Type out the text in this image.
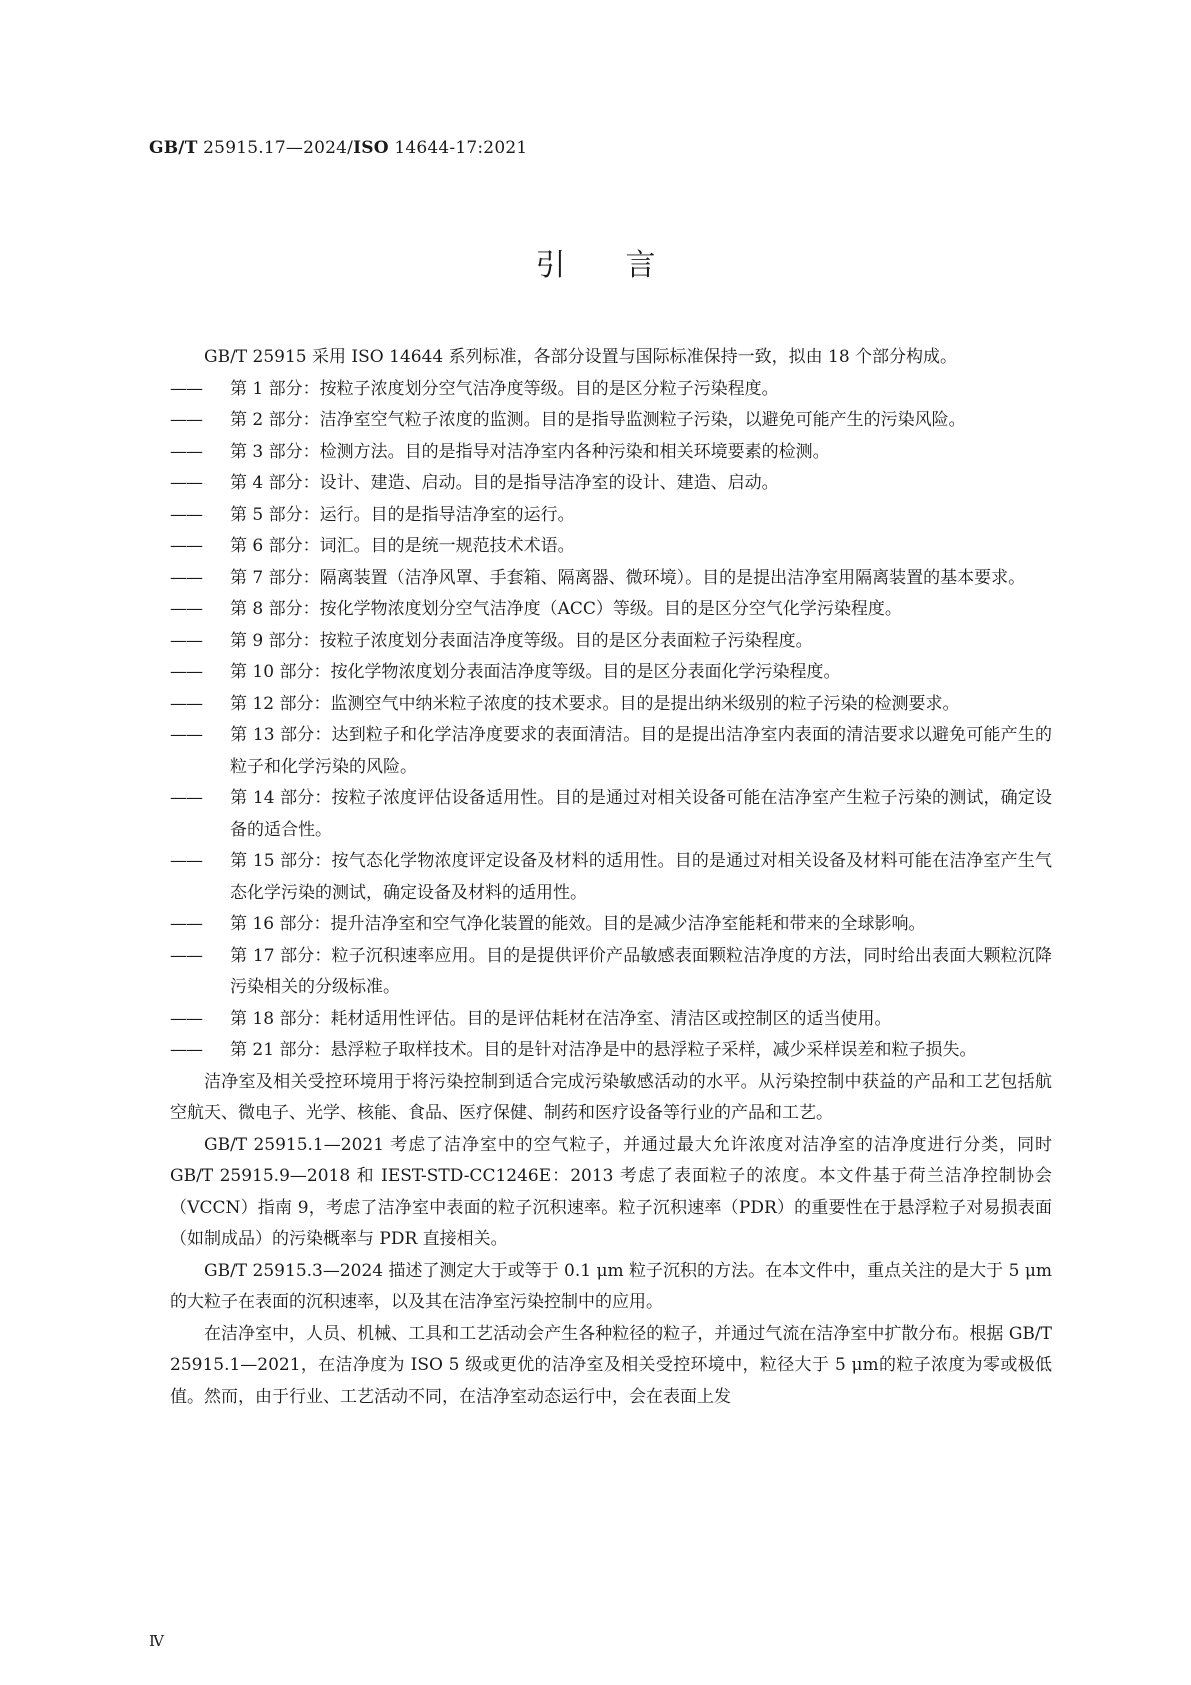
GB/T 25915.17—2024/ISO 14644-17:2021
引言

GB/T 25915 采用 ISO 14644 系列标准，各部分设置与国际标准保持一致，拟由 18 个部分构成。

—— 第 1 部分：按粒子浓度划分空气洁净度等级。目的是区分粒子污染程度。

—— 第 2 部分：洁净室空气粒子浓度的监测。目的是指导监测粒子污染，以避免可能产生的污染风险。

—— 第 3 部分：检测方法。目的是指导对洁净室内各种污染和相关环境要素的检测。

—— 第 4 部分：设计、建造、启动。目的是指导洁净室的设计、建造、启动。

—— 第 5 部分：运行。目的是指导洁净室的运行。

—— 第 6 部分：词汇。目的是统一规范技术术语。

—— 第 7 部分：隔离装置（洁净风罩、手套箱、隔离器、微环境）。目的是提出洁净室用隔离装置的基本要求。

—— 第 8 部分：按化学物浓度划分空气洁净度（ACC）等级。目的是区分空气化学污染程度。

—— 第 9 部分：按粒子浓度划分表面洁净度等级。目的是区分表面粒子污染程度。

—— 第 10 部分：按化学物浓度划分表面洁净度等级。目的是区分表面化学污染程度。

—— 第 12 部分：监测空气中纳米粒子浓度的技术要求。目的是提出纳米级别的粒子污染的检测要求。

—— 第 13 部分：达到粒子和化学洁净度要求的表面清洁。目的是提出洁净室内表面的清洁要求以避免可能产生的粒子和化学污染的风险。

—— 第 14 部分：按粒子浓度评估设备适用性。目的是通过对相关设备可能在洁净室产生粒子污染的测试，确定设备的适合性。

—— 第 15 部分：按气态化学物浓度评定设备及材料的适用性。目的是通过对相关设备及材料可能在洁净室产生气态化学污染的测试，确定设备及材料的适用性。

—— 第 16 部分：提升洁净室和空气净化装置的能效。目的是减少洁净室能耗和带来的全球影响。

—— 第 17 部分：粒子沉积速率应用。目的是提供评价产品敏感表面颗粒洁净度的方法，同时给出表面大颗粒沉降污染相关的分级标准。

—— 第 18 部分：耗材适用性评估。目的是评估耗材在洁净室、清洁区或控制区的适当使用。

—— 第 21 部分：悬浮粒子取样技术。目的是针对洁净是中的悬浮粒子采样，减少采样误差和粒子损失。

洁净室及相关受控环境用于将污染控制到适合完成污染敏感活动的水平。从污染控制中获益的产品和工艺包括航空航天、微电子、光学、核能、食品、医疗保健、制药和医疗设备等行业的产品和工艺。

GB/T 25915.1—2021 考虑了洁净室中的空气粒子，并通过最大允许浓度对洁净室的洁净度进行分类，同时 GB/T 25915.9—2018 和 IEST-STD-CC1246E：2013 考虑了表面粒子的浓度。本文件基于荷兰洁净控制协会（VCCN）指南 9，考虑了洁净室中表面的粒子沉积速率。粒子沉积速率（PDR）的重要性在于悬浮粒子对易损表面（如制成品）的污染概率与 PDR 直接相关。

GB/T 25915.3—2024 描述了测定大于或等于 0.1 μm 粒子沉积的方法。在本文件中，重点关注的是大于 5 μm 的大粒子在表面的沉积速率，以及其在洁净室污染控制中的应用。

在洁净室中，人员、机械、工具和工艺活动会产生各种粒径的粒子，并通过气流在洁净室中扩散分布。根据 GB/T 25915.1—2021，在洁净度为 ISO 5 级或更优的洁净室及相关受控环境中，粒径大于 5 μm的粒子浓度为零或极低值。然而，由于行业、工艺活动不同，在洁净室动态运行中，会在表面上发

Ⅳ
